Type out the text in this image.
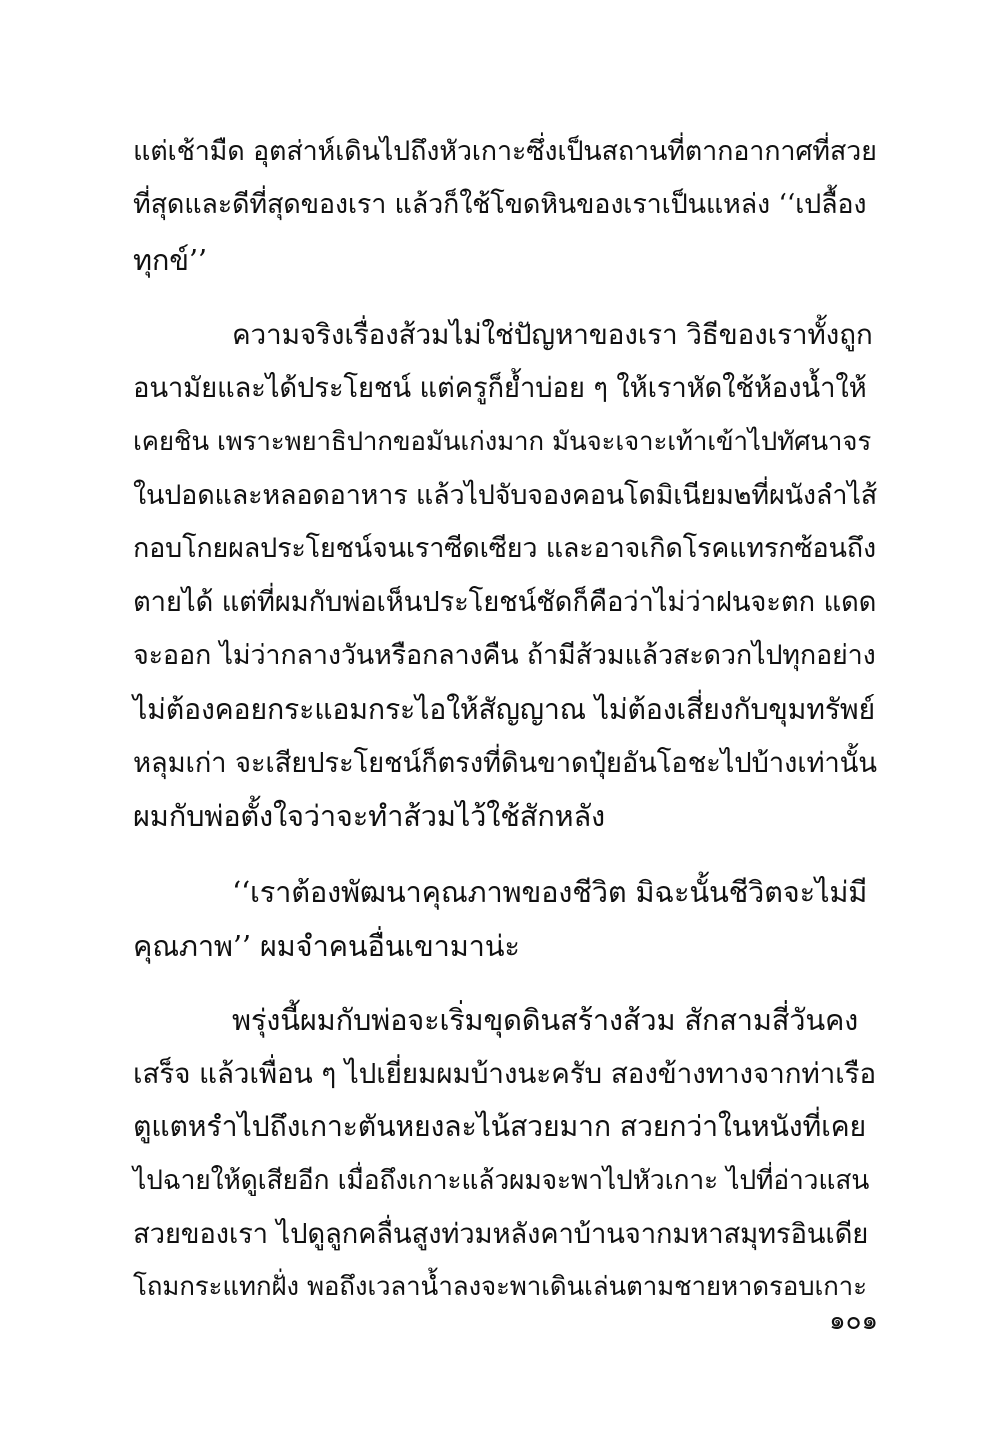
แต่เช้ามืด อุตส่าห์เดินไปถึงหัวเกาะซึ่งเป็นสถานที่ตากอากาศที่สวย
ที่สุดและดีที่สุดของเรา แล้วก็ใช้โขดหินของเราเป็นแหล่ง ‘‘เปลื้อง
ทุกข์’’
ความจริงเรื่องส้วมไม่ใช่ปัญหาของเรา วิธีของเราทั้งถูก
อนามัยและได้ประโยชน์ แต่ครูก็ย้ำบ่อย ๆ ให้เราหัดใช้ห้องน้ำให้
เคยชิน เพราะพยาธิปากขอมันเก่งมาก มันจะเจาะเท้าเข้าไปทัศนาจร
ในปอดและหลอดอาหาร แล้วไปจับจองคอนโดมิเนียม๒ที่ผนังลำไส้
กอบโกยผลประโยชน์จนเราซีดเซียว และอาจเกิดโรคแทรกซ้อนถึง
ตายได้ แต่ที่ผมกับพ่อเห็นประโยชน์ชัดก็คือว่าไม่ว่าฝนจะตก แดด
จะออก ไม่ว่ากลางวันหรือกลางคืน ถ้ามีส้วมแล้วสะดวกไปทุกอย่าง
ไม่ต้องคอยกระแอมกระไอให้สัญญาณ ไม่ต้องเสี่ยงกับขุมทรัพย์
หลุมเก่า จะเสียประโยชน์ก็ตรงที่ดินขาดปุ๋ยอันโอชะไปบ้างเท่านั้น
ผมกับพ่อตั้งใจว่าจะทำส้วมไว้ใช้สักหลัง
‘‘เราต้องพัฒนาคุณภาพของชีวิต มิฉะนั้นชีวิตจะไม่มี
คุณภาพ’’ ผมจำคนอื่นเขามาน่ะ
พรุ่งนี้ผมกับพ่อจะเริ่มขุดดินสร้างส้วม สักสามสี่วันคง
เสร็จ แล้วเพื่อน ๆ ไปเยี่ยมผมบ้างนะครับ สองข้างทางจากท่าเรือ
ตูแตหรำไปถึงเกาะตันหยงละไน้สวยมาก สวยกว่าในหนังที่เคย
ไปฉายให้ดูเสียอีก เมื่อถึงเกาะแล้วผมจะพาไปหัวเกาะ ไปที่อ่าวแสน
สวยของเรา ไปดูลูกคลื่นสูงท่วมหลังคาบ้านจากมหาสมุทรอินเดีย
โถมกระแทกฝั่ง พอถึงเวลาน้ำลงจะพาเดินเล่นตามชายหาดรอบเกาะ
๑๐๑
